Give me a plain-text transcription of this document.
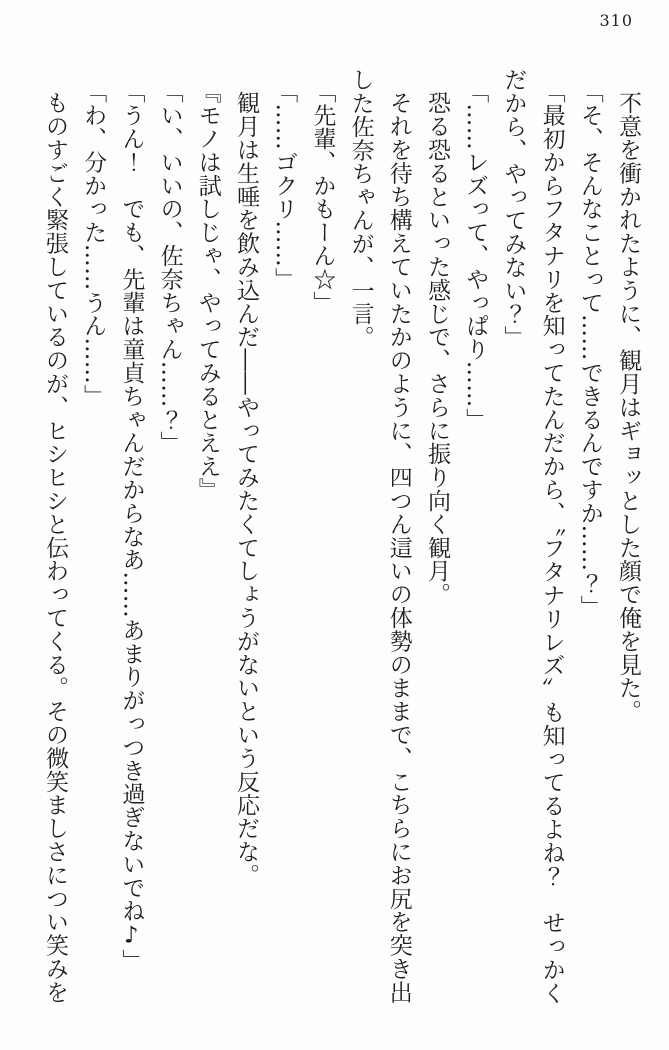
310

不意を衝かれたように、観月はギョッとした顔で俺を見た。

「そ、そんなことって……できるんですか……？」

「最初からフタナリを知ってたんだから、〝フタナリレズ〟も知ってるよね？　せっかく

だから、やってみない？」

「……レズって、やっぱり……」

恐る恐るといった感じで、さらに振り向く観月。

それを待ち構えていたかのように、四つん這いの体勢のままで、こちらにお尻を突き出

した佐奈ちゃんが、一言。

「先輩、かもーん☆」

「……ゴクリ……」

観月は生唾を飲み込んだ――やってみたくてしょうがないという反応だな。

『モノは試しじゃ、やってみるとええ』

「い、いいの、佐奈ちゃん……？」

「うん！　でも、先輩は童貞ちゃんだからなあ……あまりがっつき過ぎないでね♪」

「わ、分かった……うん……」

ものすごく緊張しているのが、ヒシヒシと伝わってくる。その微笑ましさについ笑みを
